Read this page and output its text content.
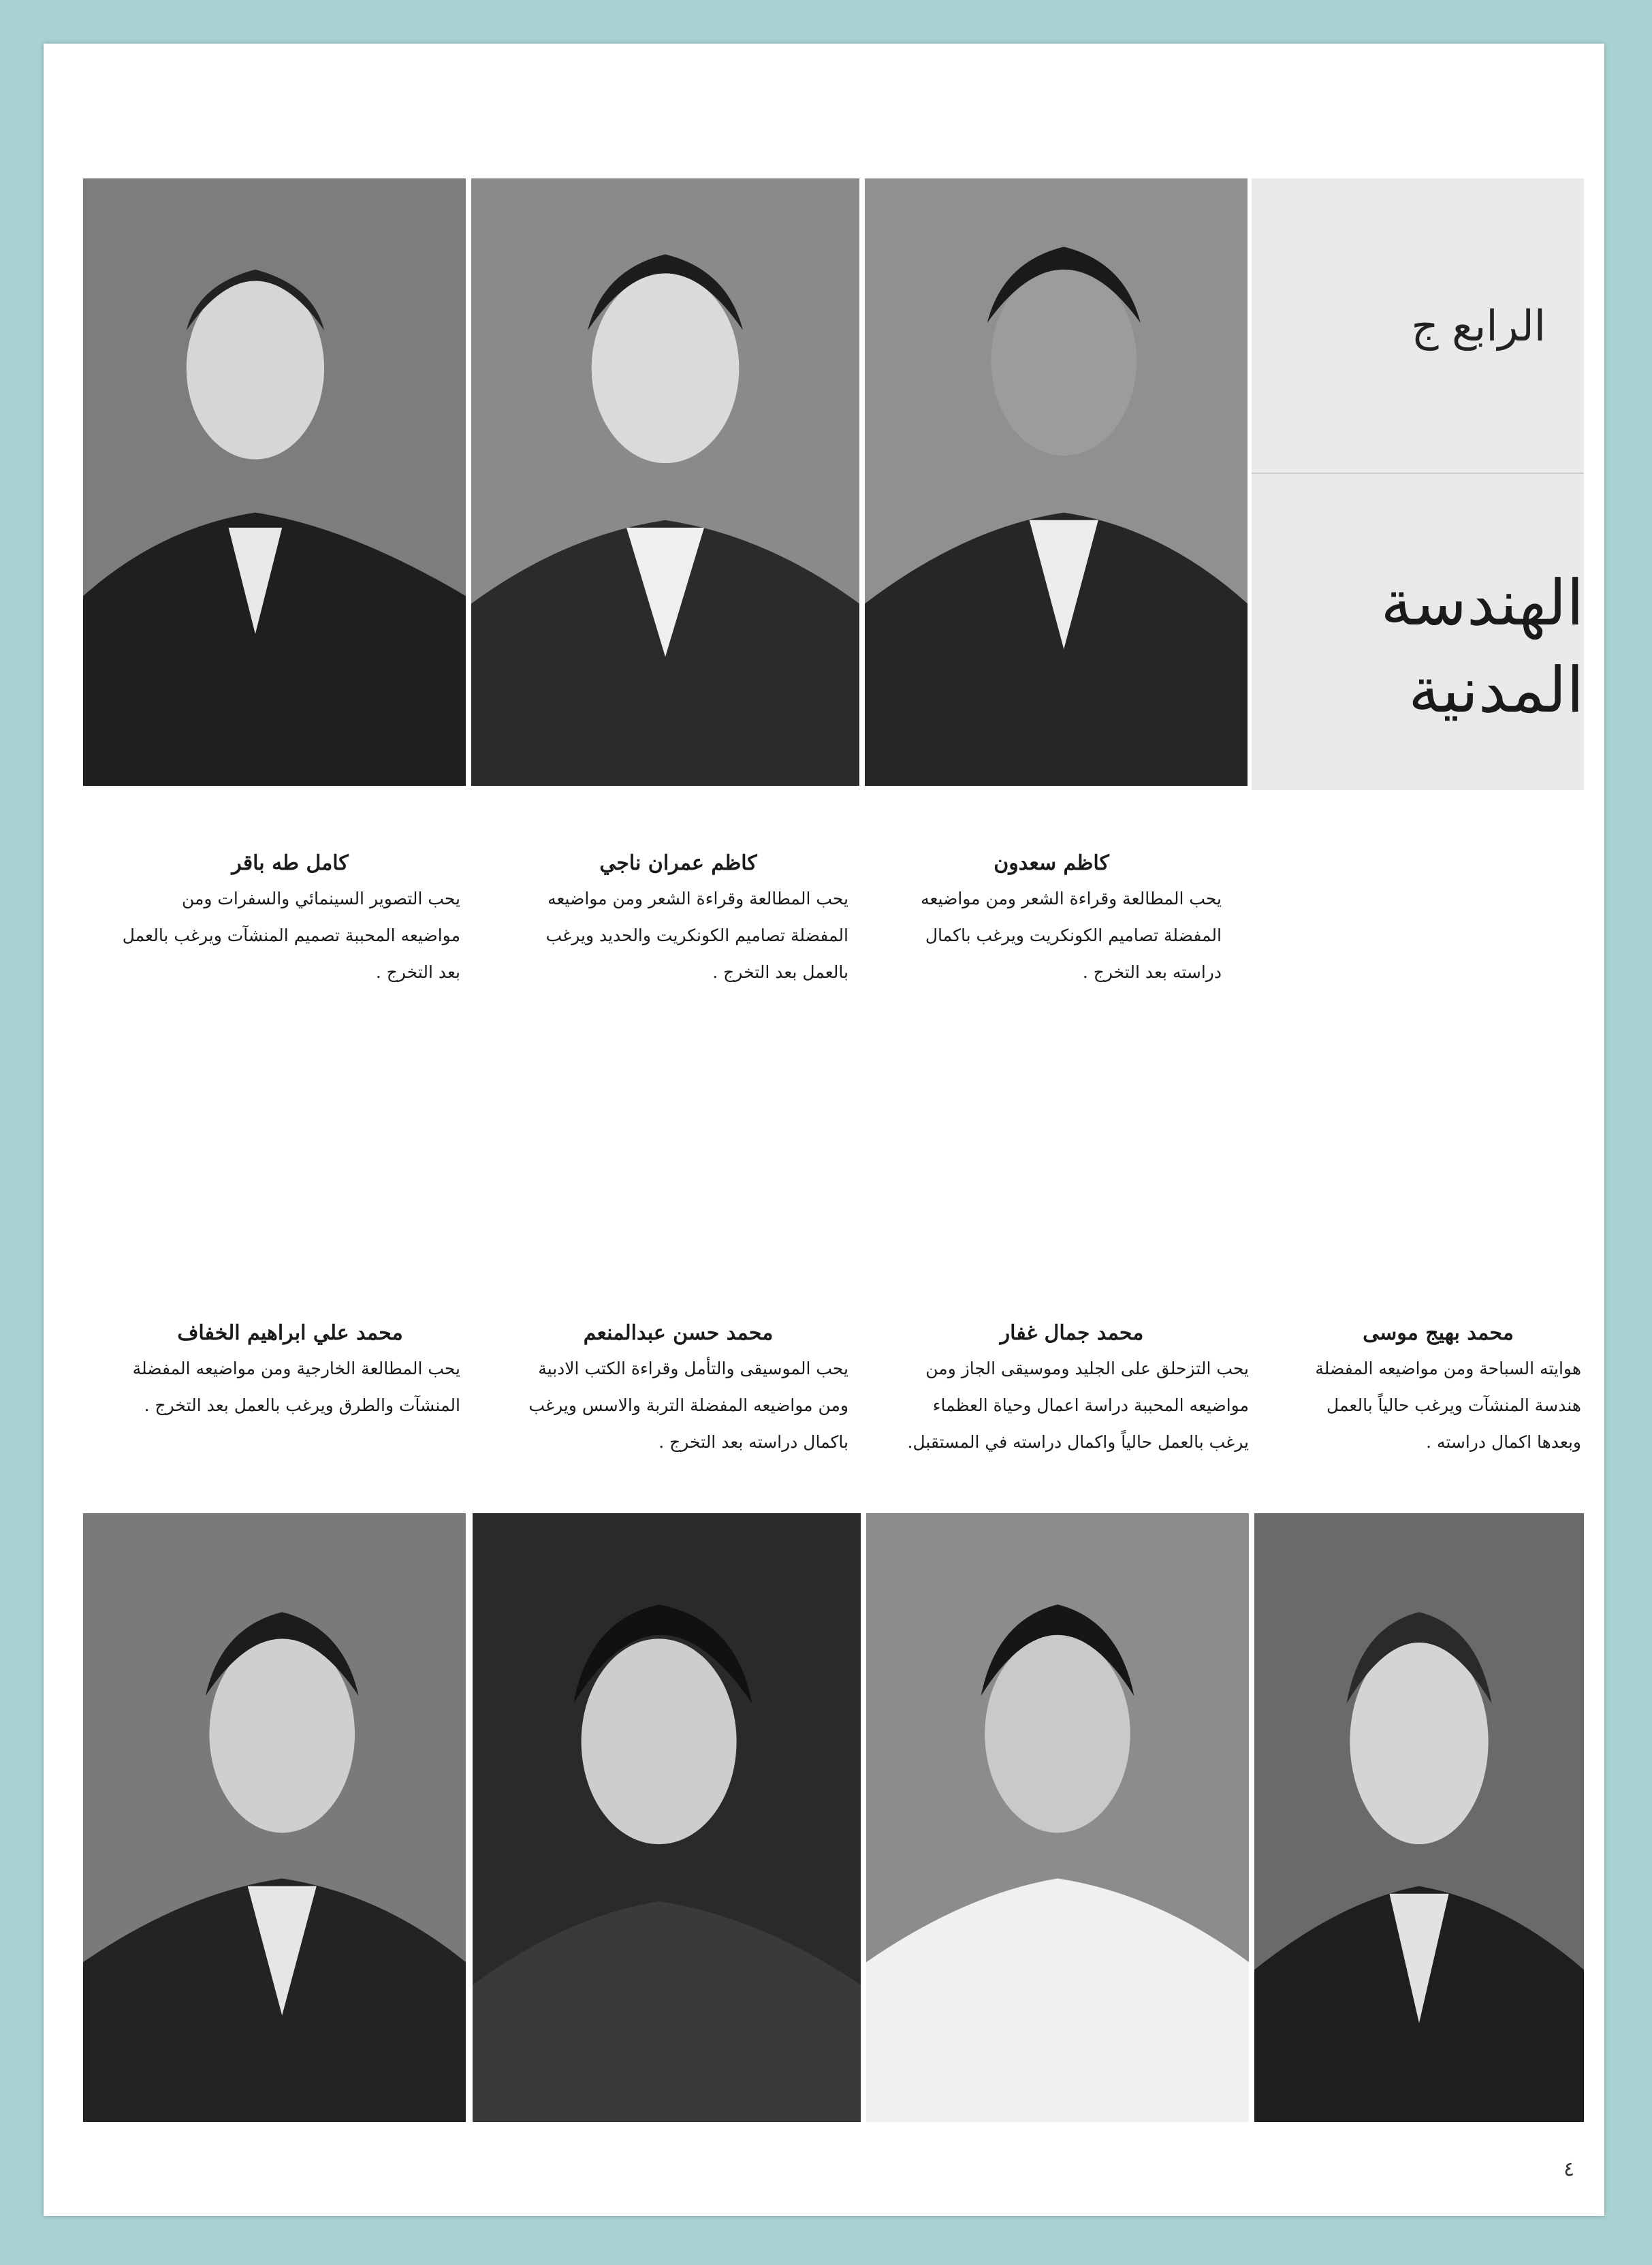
الرابع ج
الهندسة
المدنية
كاظم سعدون
يحب المطالعة وقراءة الشعر ومن مواضيعه المفضلة تصاميم الكونكريت ويرغب باكمال دراسته بعد التخرج .
كاظم عمران ناجي
يحب المطالعة وقراءة الشعر ومن مواضيعه المفضلة تصاميم الكونكريت والحديد ويرغب بالعمل بعد التخرج .
كامل طه باقر
يحب التصوير السينمائي والسفرات ومن مواضيعه المحببة تصميم المنشآت ويرغب بالعمل بعد التخرج .
محمد بهيج موسى
هوايته السباحة ومن مواضيعه المفضلة هندسة المنشآت ويرغب حالياً بالعمل وبعدها اكمال دراسته .
محمد جمال غفار
يحب التزحلق على الجليد وموسيقى الجاز ومن مواضيعه المحببة دراسة اعمال وحياة العظماء يرغب بالعمل حالياً واكمال دراسته في المستقبل.
محمد حسن عبدالمنعم
يحب الموسيقى والتأمل وقراءة الكتب الادبية ومن مواضيعه المفضلة التربة والاسس ويرغب باكمال دراسته بعد التخرج .
محمد علي ابراهيم الخفاف
يحب المطالعة الخارجية ومن مواضيعه المفضلة المنشآت والطرق ويرغب بالعمل بعد التخرج .
٤
